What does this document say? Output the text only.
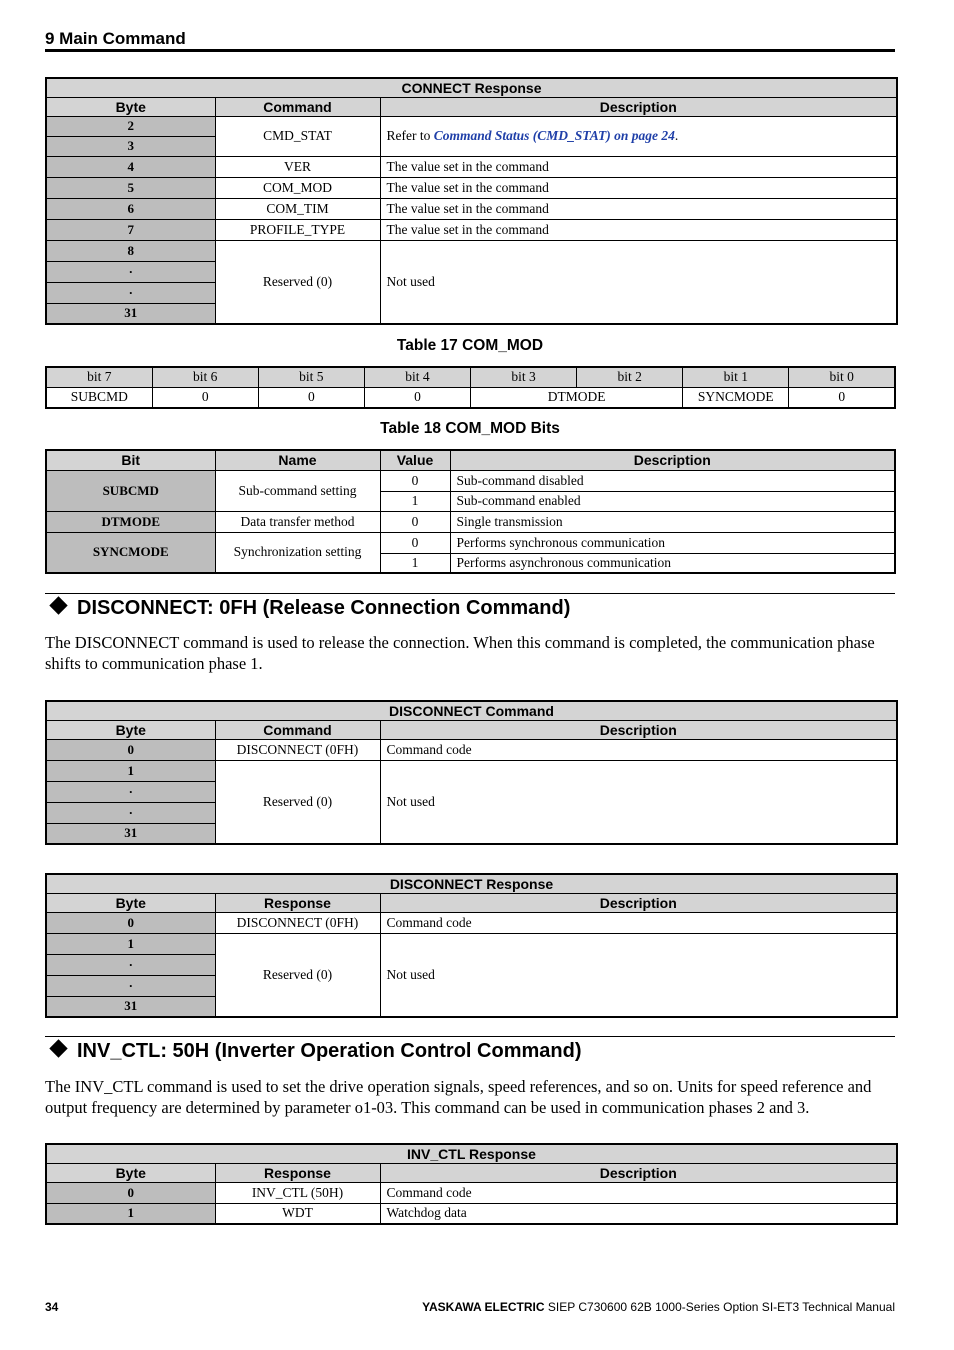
9 Main Command
CONNECT Response		
Byte	Command	Description
2	CMD_STAT	Refer to Command Status (CMD_STAT) on page 24.
3		
4	VER	The value set in the command
5	COM_MOD	The value set in the command
6	COM_TIM	The value set in the command
7	PROFILE_TYPE	The value set in the command
8	Reserved (0)	Not used
·		
·		
31		
Table 17 COM_MOD
bit 7	bit 6	bit 5	bit 4	bit 3	bit 2	bit 1	bit 0
SUBCMD	0	0	0	DTMODE		SYNCMODE	0
Table 18 COM_MOD Bits
Bit	Name	Value	Description
SUBCMD	Sub-command setting	0	Sub-command disabled
		1	Sub-command enabled
DTMODE	Data transfer method	0	Single transmission
SYNCMODE	Synchronization setting	0	Performs synchronous communication
		1	Performs asynchronous communication
DISCONNECT: 0FH (Release Connection Command)
The DISCONNECT command is used to release the connection. When this command is completed, the communication phase shifts to communication phase 1.
DISCONNECT Command		
Byte	Command	Description
0	DISCONNECT (0FH)	Command code
1	Reserved (0)	Not used
·		
·		
31		
DISCONNECT Response		
Byte	Response	Description
0	DISCONNECT (0FH)	Command code
1	Reserved (0)	Not used
·		
·		
31		
INV_CTL: 50H (Inverter Operation Control Command)
The INV_CTL command is used to set the drive operation signals, speed references, and so on. Units for speed reference and output frequency are determined by parameter o1-03. This command can be used in communication phases 2 and 3.
INV_CTL Response		
Byte	Response	Description
0	INV_CTL (50H)	Command code
1	WDT	Watchdog data
34	YASKAWA ELECTRIC SIEP C730600 62B 1000-Series Option SI-ET3 Technical Manual
